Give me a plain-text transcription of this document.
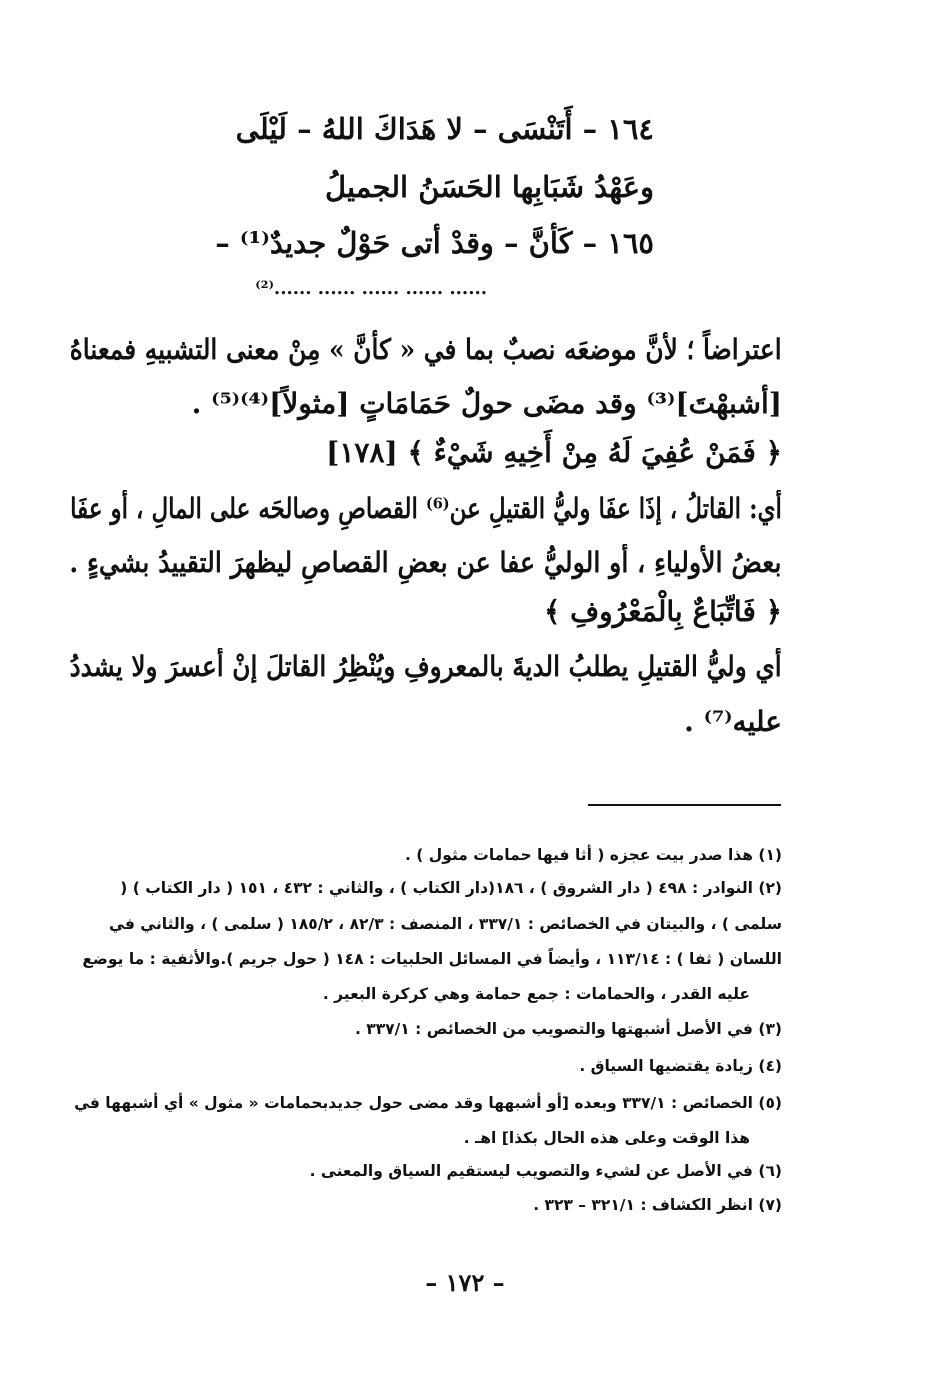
١٦٤ – أَتَنْسَى – لا هَدَاكَ اللهُ – لَيْلَى
وعَهْدُ شَبَابِها الحَسَنُ الجميلُ
١٦٥ – كَأنَّ – وقدْ أتى حَوْلٌ جديدٌ⁽¹⁾ –
...... ...... ...... ...... ......⁽²⁾
اعتراضاً ؛ لأنَّ موضعَه نصبٌ بما في « كأنَّ » مِنْ معنى التشبيهِ فمعناهُ
[أشبهْتَ]⁽³⁾ وقد مضَى حولٌ حَمَامَاتٍ [مثولاً]⁽⁴⁾⁽⁵⁾ .
﴿ فَمَنْ عُفِيَ لَهُ مِنْ أَخِيهِ شَيْءٌ ﴾ [١٧٨]
أي: القاتلُ ، إذَا عفَا وليُّ القتيلِ عن⁽⁶⁾ القصاصِ وصالحَه على المالِ ، أو عفَا
بعضُ الأولياءِ ، أو الوليُّ عفا عن بعضِ القصاصِ ليظهرَ التقييدُ بشيءٍ .
﴿ فَاتِّبَاعٌ بِالْمَعْرُوفِ ﴾
أي وليُّ القتيلِ يطلبُ الديةَ بالمعروفِ ويُنْظِرُ القاتلَ إنْ أعسرَ ولا يشددُ
عليه⁽⁷⁾ .
(١) هذا صدر بيت عجزه ( أثا فيها حمامات مثول ) .
(٢) النوادر : ٤٩٨ ( دار الشروق ) ، ١٨٦(دار الكتاب ) ، والثاني : ٤٣٢ ، ١٥١ ( دار الكتاب ) (
سلمى ) ، والبيتان في الخصائص : ٣٣٧/١ ، المنصف : ٨٢/٣ ، ١٨٥/٢ ( سلمى ) ، والثاني في
اللسان ( ثفا ) : ١١٣/١٤ ، وأيضاً في المسائل الحلبيات : ١٤٨ ( حول جريم ).والأثفية : ما يوضع
عليه القدر ، والحمامات : جمع حمامة وهي كركرة البعير .
(٣) في الأصل أشبهتها والتصويب من الخصائص : ٣٣٧/١ .
(٤) زيادة يقتضيها السياق .
(٥) الخصائص : ٣٣٧/١ وبعده [أو أشبهها وقد مضى حول جديدبحمامات « مثول » أي أشبهها في
هذا الوقت وعلى هذه الحال بكذا] اهـ .
(٦) في الأصل عن لشيء والتصويب ليستقيم السياق والمعنى .
(٧) انظر الكشاف : ٣٢١/١ – ٣٢٣ .
– ١٧٢ –
